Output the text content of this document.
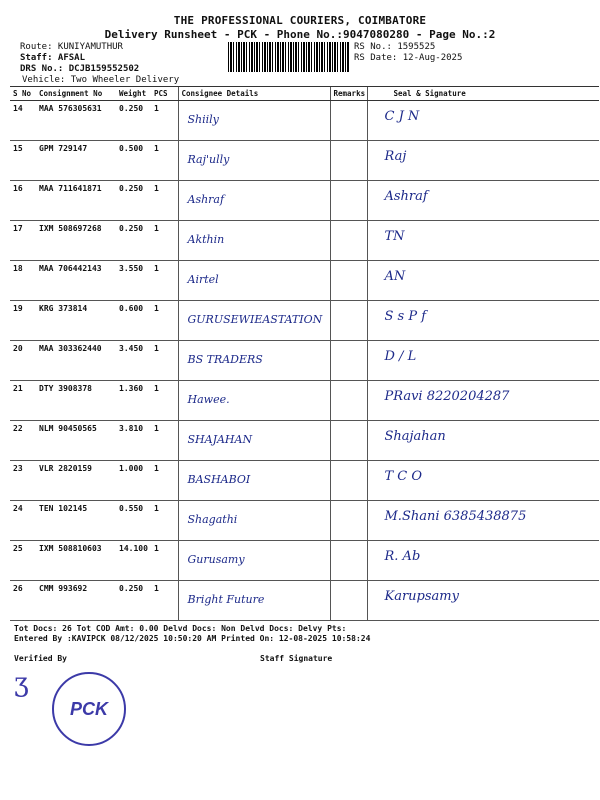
THE PROFESSIONAL COURIERS, COIMBATORE
Delivery Runsheet - PCK - Phone No.:9047080280 - Page No.:2
Route: KUNIYAMUTHUR
Staff: AFSAL
DRS No.: DCJB159552502
Vehicle: Two Wheeler Delivery
RS No.: 1595525
RS Date: 12-Aug-2025
S No	Consignment No	Weight	PCS	Consignee Details	Remarks	Seal & Signature
14	MAA 576305631	0.250	1	Shiily		C J N

15	GPM 729147	0.500	1	Raj'ully		Raj

16	MAA 711641871	0.250	1	Ashraf		Ashraf

17	IXM 508697268	0.250	1	Akthin		TN

18	MAA 706442143	3.550	1	Airtel		AN

19	KRG 373814	0.600	1	GURUSEWIEASTATION		S s P f

20	MAA 303362440	3.450	1	BS TRADERS		D / L

21	DTY 3908378	1.360	1	Hawee.		PRavi 8220204287

22	NLM 90450565	3.810	1	SHAJAHAN		Shajahan

23	VLR 2820159	1.000	1	BASHABOI		T C O

24	TEN 102145	0.550	1	Shagathi		M.Shani 6385438875

25	IXM 508810603	14.100	1	Gurusamy		R. Ab

26	CMM 993692	0.250	1	Bright Future		Karupsamy
Tot Docs: 26 Tot COD Amt: 0.00 Delvd Docs: Non Delvd Docs: Delvy Pts:
Entered By :KAVIPCK 08/12/2025 10:50:20 AM Printed On: 12-08-2025 10:58:24
Verified By	Staff Signature
ʒ
PCK
